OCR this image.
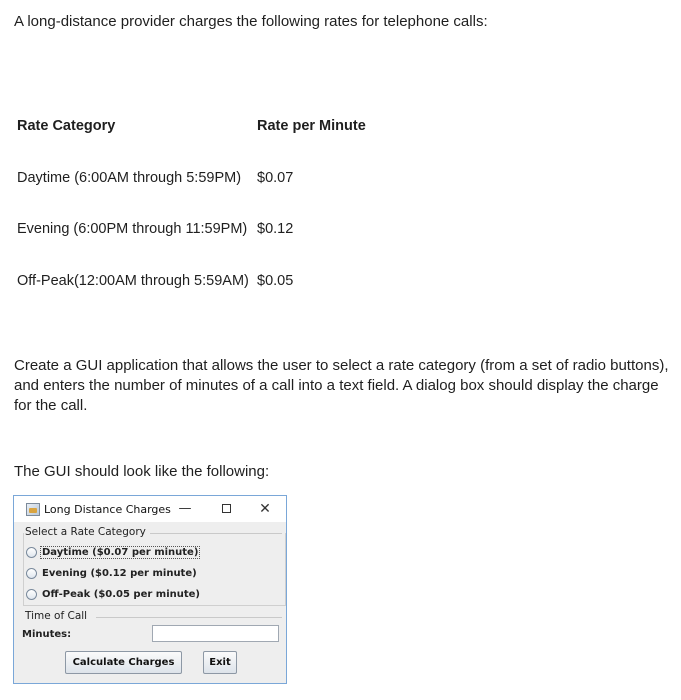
A long-distance provider charges the following rates for telephone calls:
Rate Category	Rate per Minute
Daytime (6:00AM through 5:59PM) $0.07
Evening (6:00PM through 11:59PM) $0.12
Off-Peak(12:00AM through 5:59AM) $0.05
Create a GUI application that allows the user to select a rate category (from a set of radio buttons), and enters the number of minutes of a call into a text field. A dialog box should display the charge for the call.
The GUI should look like the following:
Long Distance Charges —	✕
Select a Rate Category
Daytime ($0.07 per minute)
Evening ($0.12 per minute)
Off-Peak ($0.05 per minute)
Time of Call
Minutes:
Calculate Charges	Exit
